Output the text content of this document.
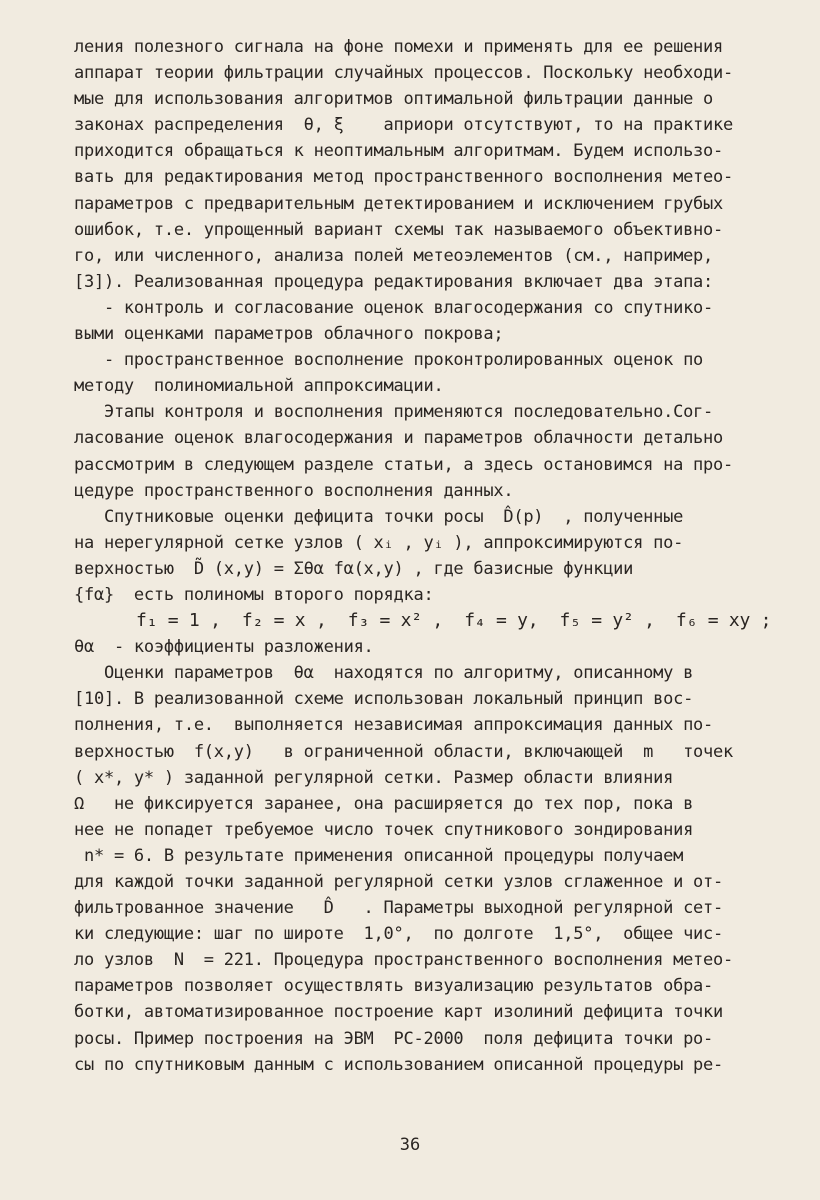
ления полезного сигнала на фоне помехи и применять для ее решения
аппарат теории фильтрации случайных процессов. Поскольку необходи-
мые для использования алгоритмов оптимальной фильтрации данные о
законах распределения  θ, ξ    априори отсутствуют, то на практике
приходится обращаться к неоптимальным алгоритмам. Будем использо-
вать для редактирования метод пространственного восполнения метео-
параметров с предварительным детектированием и исключением грубых
ошибок, т.е. упрощенный вариант схемы так называемого объективно-
го, или численного, анализа полей метеоэлементов (см., например,
[3]). Реализованная процедура редактирования включает два этапа:
- контроль и согласование оценок влагосодержания со спутнико-
выми оценками параметров облачного покрова;
- пространственное восполнение проконтролированных оценок по
методу  полиномиальной аппроксимации.
Этапы контроля и восполнения применяются последовательно.Сог-
ласование оценок влагосодержания и параметров облачности детально
рассмотрим в следующем разделе статьи, а здесь остановимся на про-
цедуре пространственного восполнения данных.
Спутниковые оценки дефицита точки росы  D̂(p)  , полученные
на нерегулярной сетке узлов ( xᵢ , yᵢ ), аппроксимируются по-
верхностью  D̃ (x,y) = Σθα fα(x,y) , где базисные функции
{fα}  есть полиномы второго порядка:
f₁ = 1 ,  f₂ = x ,  f₃ = x² ,  f₄ = y,  f₅ = y² ,  f₆ = xy ;
θα  - коэффициенты разложения.
Оценки параметров  θα  находятся по алгоритму, описанному в
[10]. В реализованной схеме использован локальный принцип вос-
полнения, т.е.  выполняется независимая аппроксимация данных по-
верхностью  f(x,y)   в ограниченной области, включающей  m   точек
( x*, y* ) заданной регулярной сетки. Размер области влияния
Ω   не фиксируется заранее, она расширяется до тех пор, пока в
нее не попадет требуемое число точек спутникового зондирования
n* = 6. В результате применения описанной процедуры получаем
для каждой точки заданной регулярной сетки узлов сглаженное и от-
фильтрованное значение   D̂   . Параметры выходной регулярной сет-
ки следующие: шаг по широте  1,0°,  по долготе  1,5°,  общее чис-
ло узлов  N  = 221. Процедура пространственного восполнения метео-
параметров позволяет осуществлять визуализацию результатов обра-
ботки, автоматизированное построение карт изолиний дефицита точки
росы. Пример построения на ЭВМ  РС-2000  поля дефицита точки ро-
сы по спутниковым данным с использованием описанной процедуры ре-
36
